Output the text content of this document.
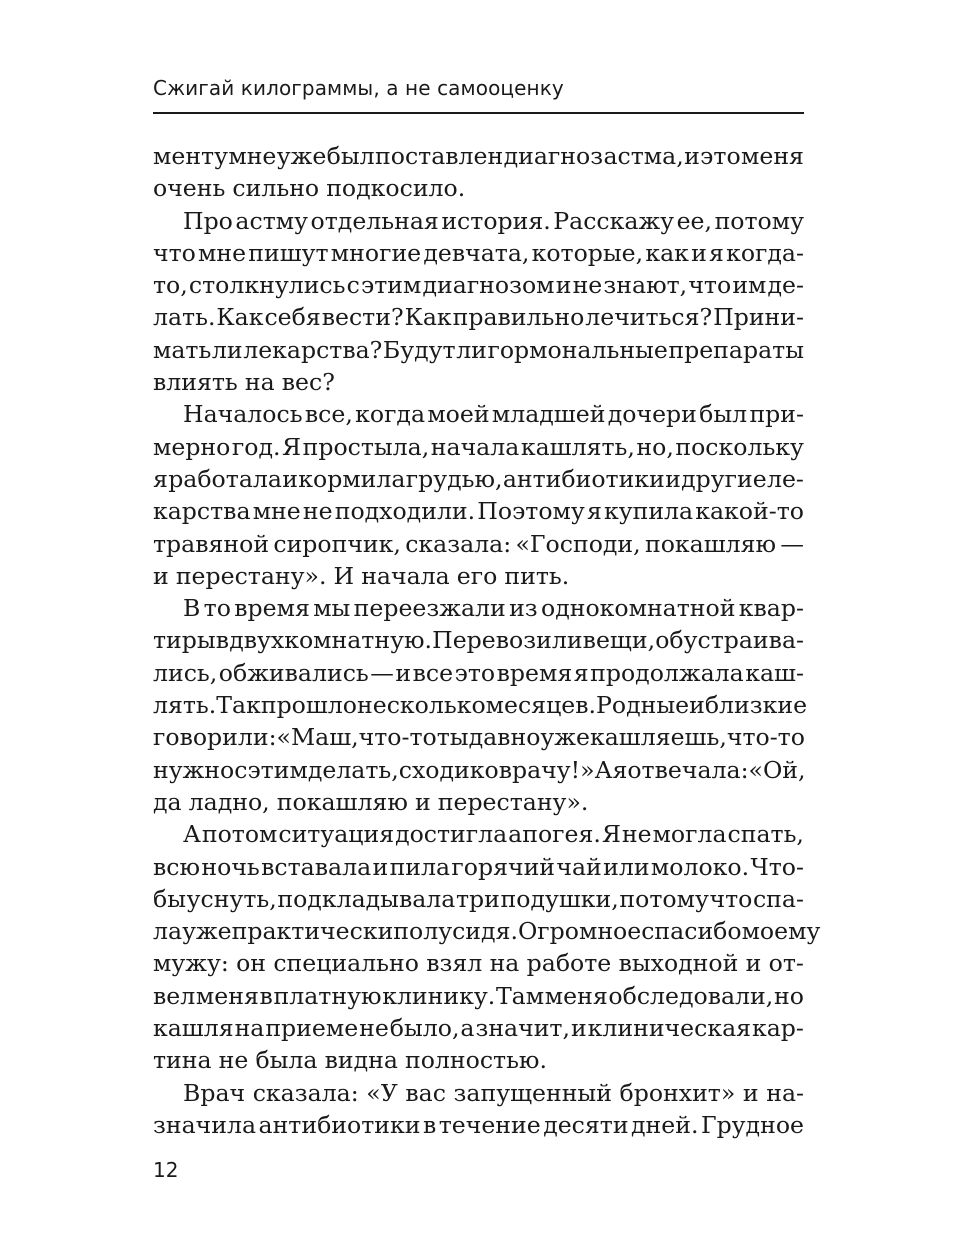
Сжигай килограммы, а не самооценку
менту мне уже был поставлен диагноз астма, и это меня
очень сильно подкосило.
Про астму отдельная история. Расскажу ее, потому
что мне пишут многие девчата, которые, как и я когда-
то, столкнулись с этим диагнозом и не знают, что им де-
лать. Как себя вести? Как правильно лечиться? Прини-
мать ли лекарства? Будут ли гормональные препараты
влиять на вес?
Началось все, когда моей младшей дочери был при-
мерно год. Я простыла, начала кашлять, но, поскольку
я работала и кормила грудью, антибиотики и другие ле-
карства мне не подходили. Поэтому я купила какой-то
травяной сиропчик, сказала: «Господи, покашляю —
и перестану». И начала его пить.
В то время мы переезжали из однокомнатной квар-
тиры в двухкомнатную. Перевозили вещи, обустраива-
лись, обживались — и все это время я продолжала каш-
лять. Так прошло несколько месяцев. Родные и близкие
говорили: «Маш, что-то ты давно уже кашляешь, что-то
нужно с этим делать, сходи ко врачу!» А я отвечала: «Ой,
да ладно, покашляю и перестану».
А потом ситуация достигла апогея. Я не могла спать,
всю ночь вставала и пила горячий чай или молоко. Что-
бы уснуть, подкладывала три подушки, потому что спа-
ла уже практически полусидя. Огромное спасибо моему
мужу: он специально взял на работе выходной и от-
вел меня в платную клинику. Там меня обследовали, но
кашля на приеме не было, а значит, и клиническая кар-
тина не была видна полностью.
Врач сказала: «У вас запущенный бронхит» и на-
значила антибиотики в течение десяти дней. Грудное
12
